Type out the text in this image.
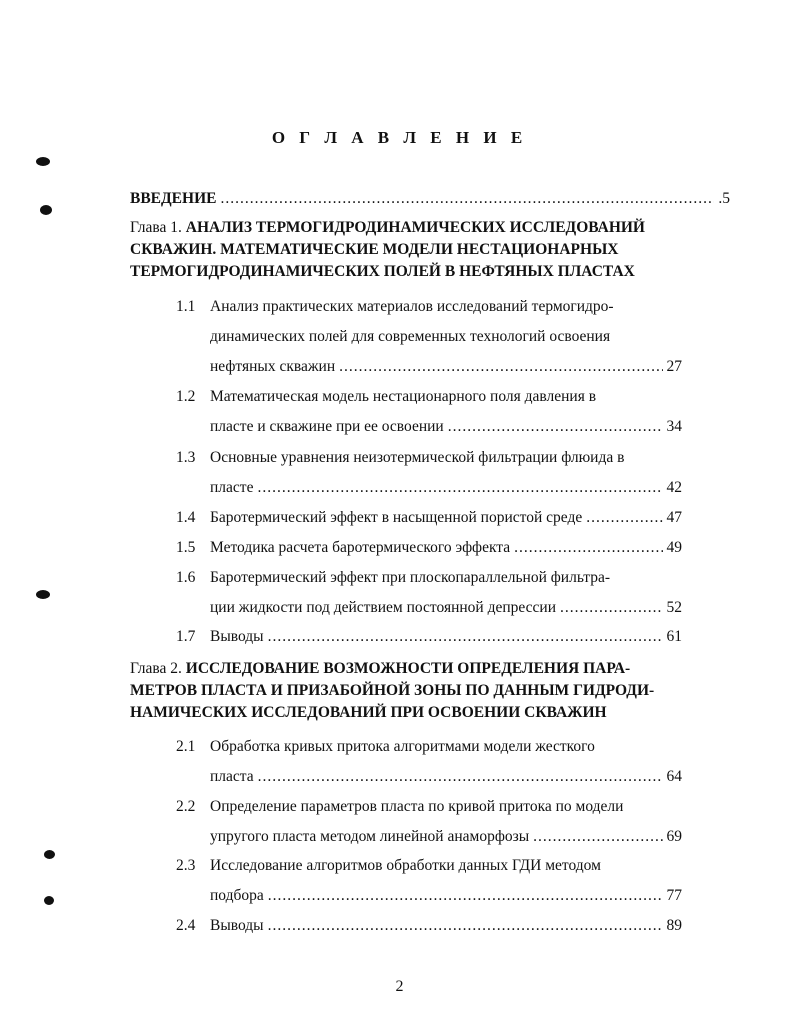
О Г Л А В Л Е Н И Е
ВВЕДЕНИЕ .....	.5
Глава 1.
АНАЛИЗ ТЕРМОГИДРОДИНАМИЧЕСКИХ ИССЛЕДОВАНИЙ
СКВАЖИН. МАТЕМАТИЧЕСКИЕ МОДЕЛИ НЕСТАЦИОНАРНЫХ
ТЕРМОГИДРОДИНАМИЧЕСКИХ ПОЛЕЙ В НЕФТЯНЫХ ПЛАСТАХ
1.1 Анализ практических материалов исследований термогидро-
динамических полей для современных технологий освоения
нефтяных скважин .....	27
1.2 Математическая модель нестационарного поля давления в
пласте и скважине при ее освоении .....	34
1.3 Основные уравнения неизотермической фильтрации флюида в
пласте .....	42
1.4 Баротермический эффект в насыщенной пористой среде .....	47
1.5 Методика расчета баротермического эффекта .....	49
1.6 Баротермический эффект при плоскопараллельной фильтра-
ции жидкости под действием постоянной депрессии .....	52
1.7 Выводы .....	61
Глава 2.
ИССЛЕДОВАНИЕ ВОЗМОЖНОСТИ ОПРЕДЕЛЕНИЯ ПАРА-
МЕТРОВ ПЛАСТА И ПРИЗАБОЙНОЙ ЗОНЫ ПО ДАННЫМ ГИДРОДИ-
НАМИЧЕСКИХ ИССЛЕДОВАНИЙ ПРИ ОСВОЕНИИ СКВАЖИН
2.1 Обработка кривых притока алгоритмами модели жесткого
пласта .....	64
2.2 Определение параметров пласта по кривой притока по модели
упругого пласта методом линейной анаморфозы .....	69
2.3 Исследование алгоритмов обработки данных ГДИ методом
подбора .....	77
2.4 Выводы .....	89
2
